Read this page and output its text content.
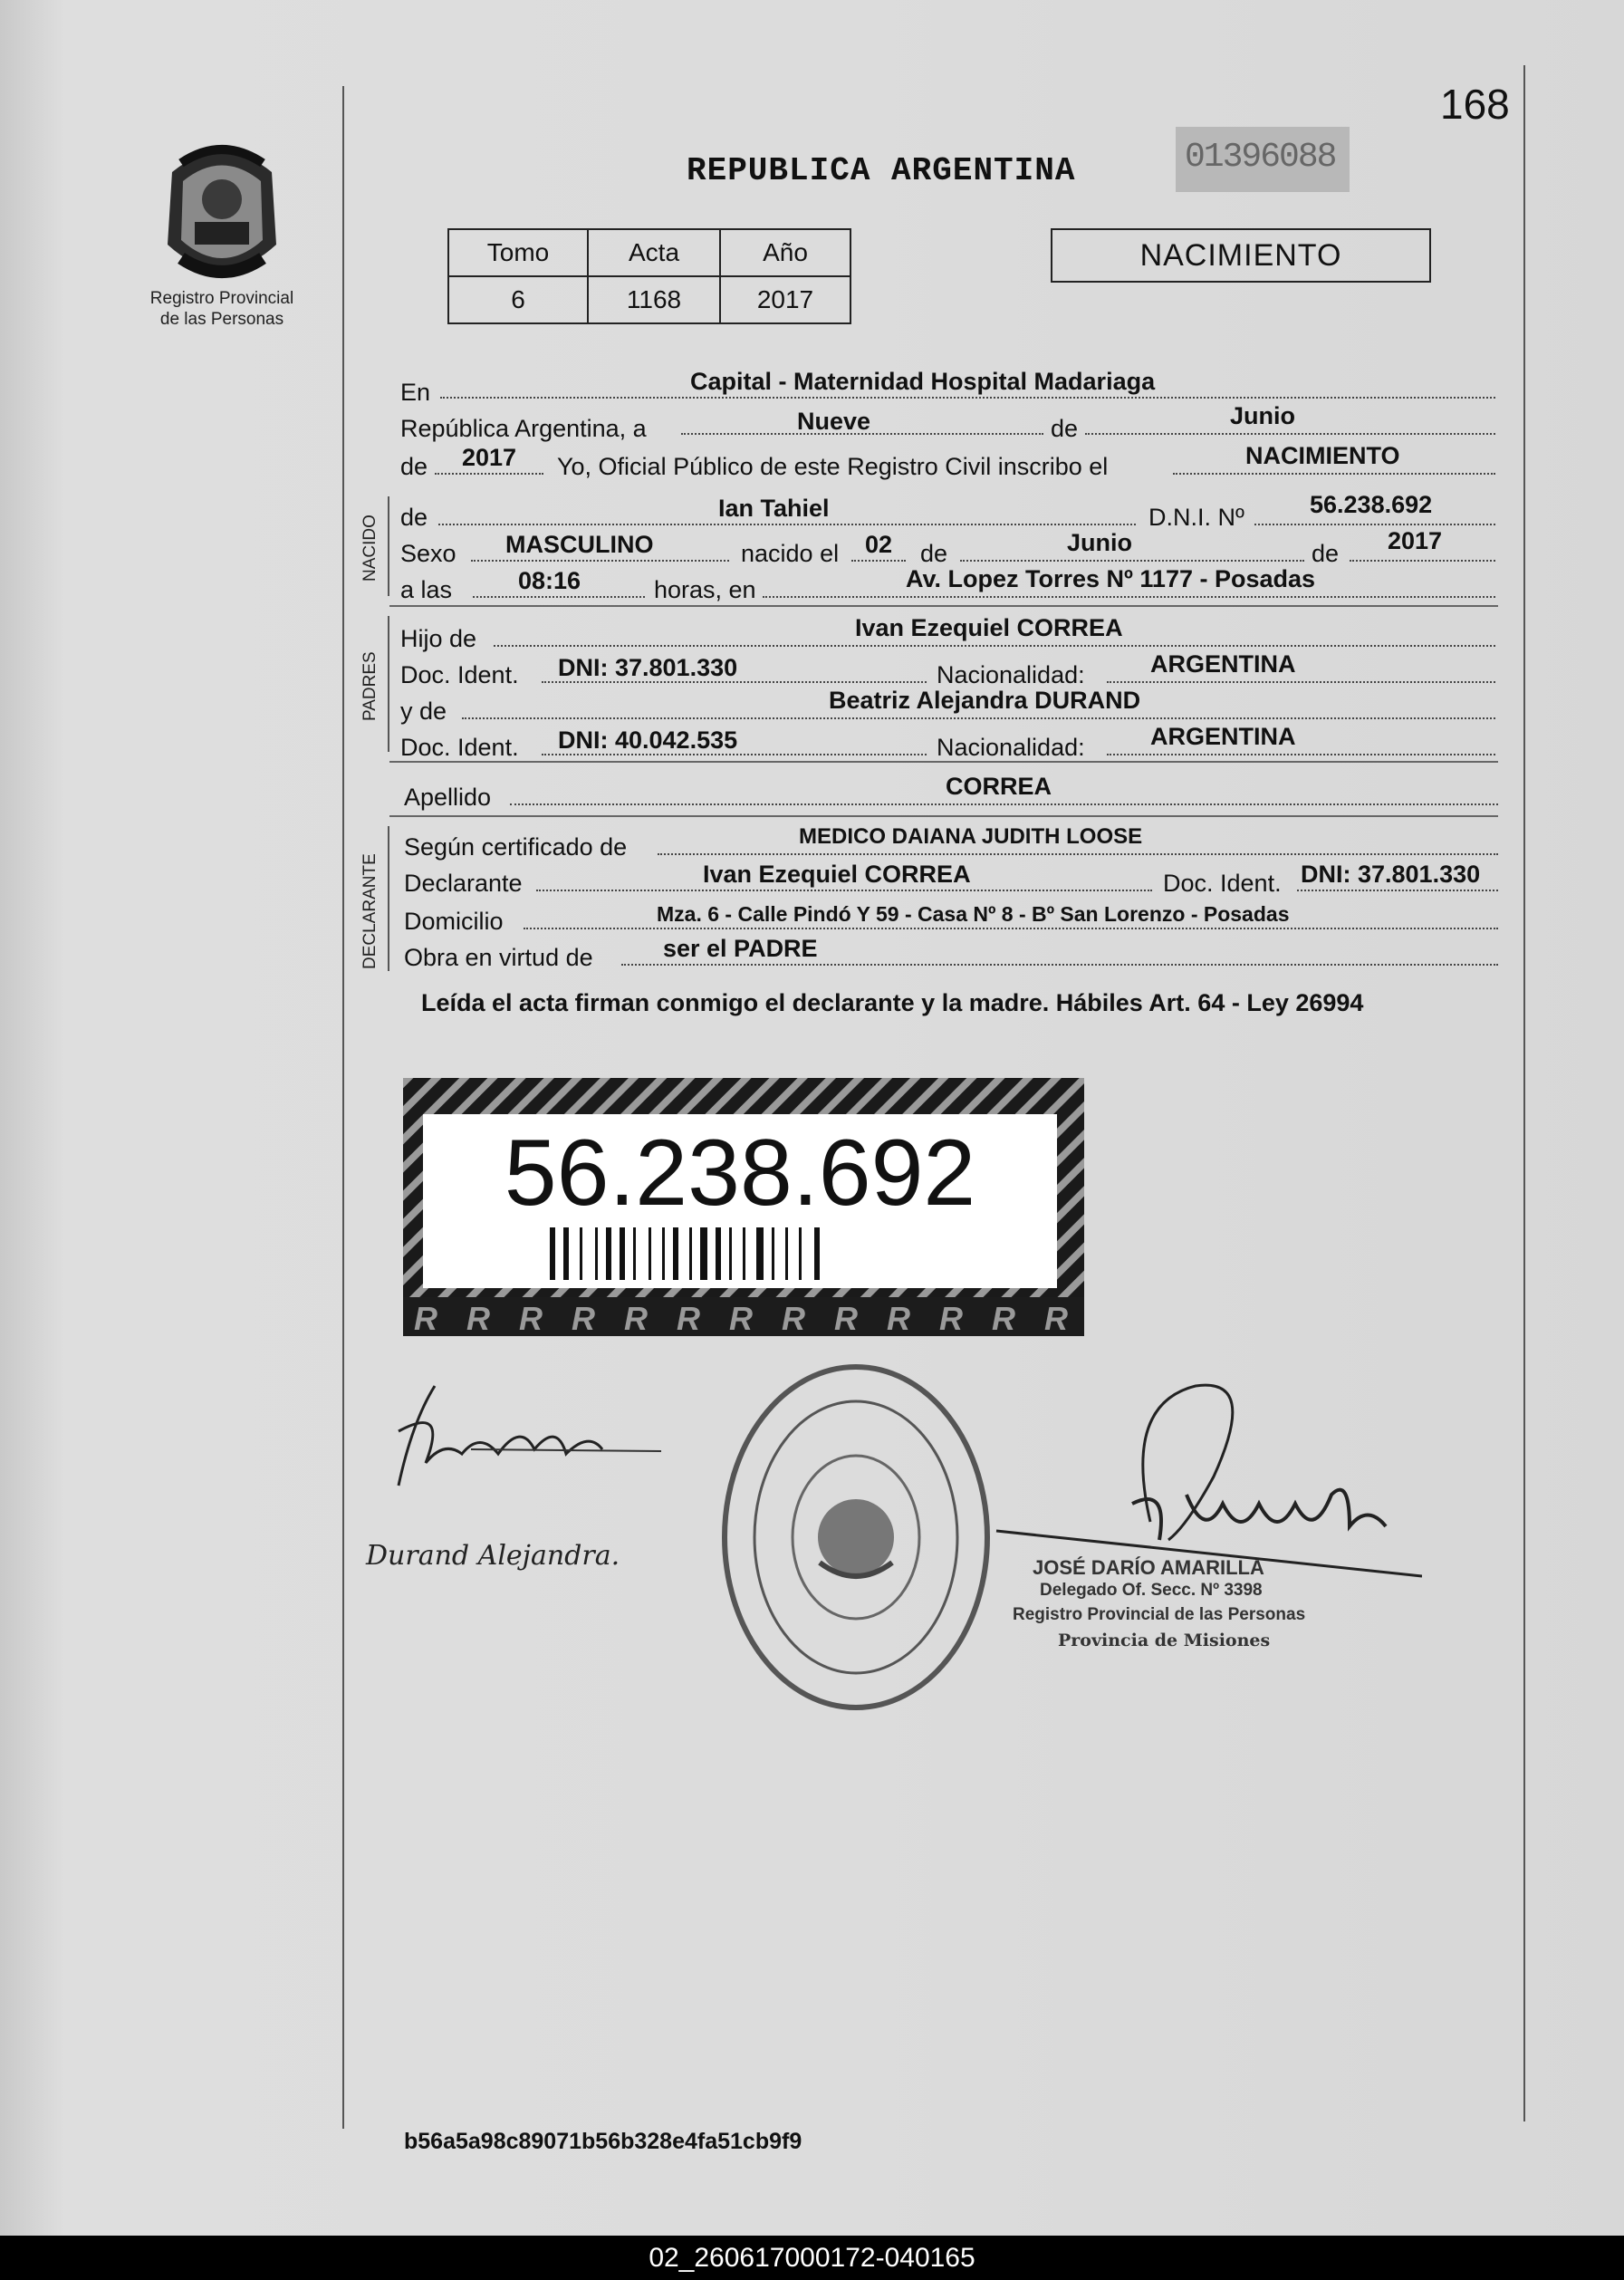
168
Registro Provincial
de las Personas
REPUBLICA ARGENTINA	01396088
Tomo	Acta	Año
6	1168	2017
NACIMIENTO
En	Capital - Maternidad Hospital Madariaga
República Argentina, a	Nueve	de	Junio
de 2017 Yo, Oficial Público de este Registro Civil inscribo el	NACIMIENTO
NACIDO de	Ian Tahiel	D.N.I. Nº	56.238.692
Sexo MASCULINO	nacido el 02 de	Junio	de 2017
a las	08:16	horas, en	Av. Lopez Torres Nº 1177 - Posadas
PADRES
Hijo de	Ivan Ezequiel CORREA
Doc. Ident. DNI: 37.801.330	Nacionalidad:	ARGENTINA
y de	Beatriz Alejandra DURAND
Doc. Ident. DNI: 40.042.535	Nacionalidad:	ARGENTINA
Apellido	CORREA
DECLARANTE
Según certificado de	MEDICO DAIANA JUDITH LOOSE
Declarante	Ivan Ezequiel CORREA	Doc. Ident. DNI: 37.801.330
Domicilio	Mza. 6 - Calle Pindó Y 59 - Casa Nº 8 - Bº San Lorenzo - Posadas
Obra en virtud de	ser el PADRE
Leída el acta firman conmigo el declarante y la madre. Hábiles Art. 64 - Ley 26994
56.238.692
R R R R R R R R R R R R R
Durand Alejandra.	JOSÉ DARÍO AMARILLA
Delegado Of. Secc. Nº 3398
Registro Provincial de las Personas
Provincia de Misiones
b56a5a98c89071b56b328e4fa51cb9f9
02_260617000172-040165
